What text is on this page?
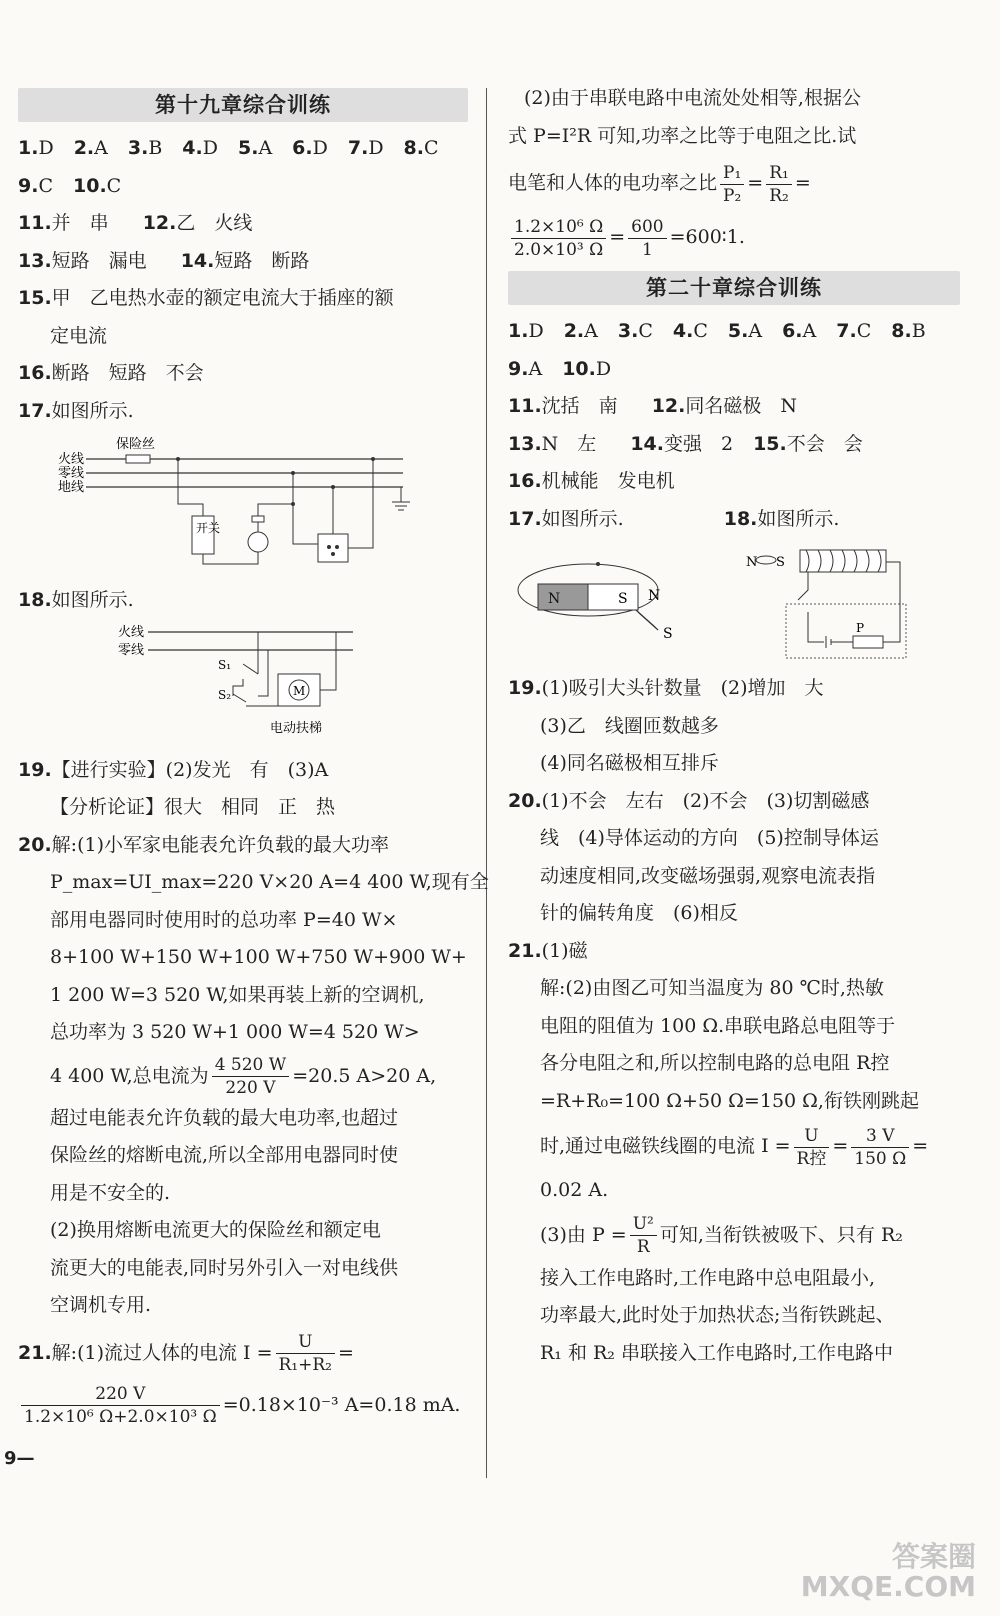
第十九章综合训练
1.D 2.A 3.B 4.D 5.A 6.D 7.D 8.C
9.C 10.C
11.并　串 12.乙　火线
13.短路　漏电 14.短路　断路
15.甲　乙电热水壶的额定电流大于插座的额
定电流
16.断路　短路　不会
17.如图所示.
火线
零线
地线
保险丝
开关
18.如图所示.
火线
零线
S₁
S₂	M
电动扶梯
19.【进行实验】(2)发光　有　(3)A
【分析论证】很大　相同　正　热
20.解:(1)小军家电能表允许负载的最大功率
P_max=UI_max=220 V×20 A=4 400 W,现有全
部用电器同时使用时的总功率 P=40 W×
8+100 W+150 W+100 W+750 W+900 W+
1 200 W=3 520 W,如果再装上新的空调机,
总功率为 3 520 W+1 000 W=4 520 W>
4 400 W,总电流为 $\frac{4 520 W}{220 V} =20.5$ A>20 A,
超过电能表允许负载的最大电功率,也超过
保险丝的熔断电流,所以全部用电器同时使
用是不安全的.
(2)换用熔断电流更大的保险丝和额定电
流更大的电能表,同时另外引入一对电线供
空调机专用.
21.解:(1)流过人体的电流 $I = \frac{U}{\text{R₁+R₂}}$ =
$\frac{220 V}{\text{1.2×10⁶ Ω+2.0×10³ Ω}} =0.18\times 10^{-3}$ A=0.18 mA.
(2)由于串联电路中电流处处相等,根据公
式 P=I²R 可知,功率之比等于电阻之比.试
电笔和人体的电功率之比 $\frac{\text{P₁}}{\text{P₂}} = \frac{\text{R₁}}{\text{R₂}}$ =
$\frac{\text{1.2×10⁶ Ω}}{\text{2.0×10³ Ω}} = \frac{600}{1}$ =600∶1.
第二十章综合训练
1.D 2.A 3.C 4.C 5.A 6.A 7.C 8.B
9.A 10.D
11.沈括　南 12.同名磁极　N
13.N　左 14.变强　2 15.不会　会
16.机械能　发电机
17.如图所示.	18.如图所示.
N	S N
S
N S
P
19.(1)吸引大头针数量　(2)增加　大
(3)乙　线圈匝数越多
(4)同名磁极相互排斥
20.(1)不会　左右　(2)不会　(3)切割磁感
线　(4)导体运动的方向　(5)控制导体运
动速度相同,改变磁场强弱,观察电流表指
针的偏转角度　(6)相反
21.(1)磁
解:(2)由图乙可知当温度为 80 ℃时,热敏
电阻的阻值为 100 Ω.串联电路总电阻等于
各分电阻之和,所以控制电路的总电阻 R控
=R+R₀=100 Ω+50 Ω=150 Ω,衔铁刚跳起
时,通过电磁铁线圈的电流 $I = \frac{U}{\text{R控}} = \frac{3 V}{150 \Omega}$ =
0.02 A.
(3)由 $P = \frac{\text{U²}}{R}$ 可知,当衔铁被吸下、只有 R₂
接入工作电路时,工作电路中总电阻最小,
功率最大,此时处于加热状态;当衔铁跳起、
R₁ 和 R₂ 串联接入工作电路时,工作电路中
9—
答案圈
MXQE.COM
